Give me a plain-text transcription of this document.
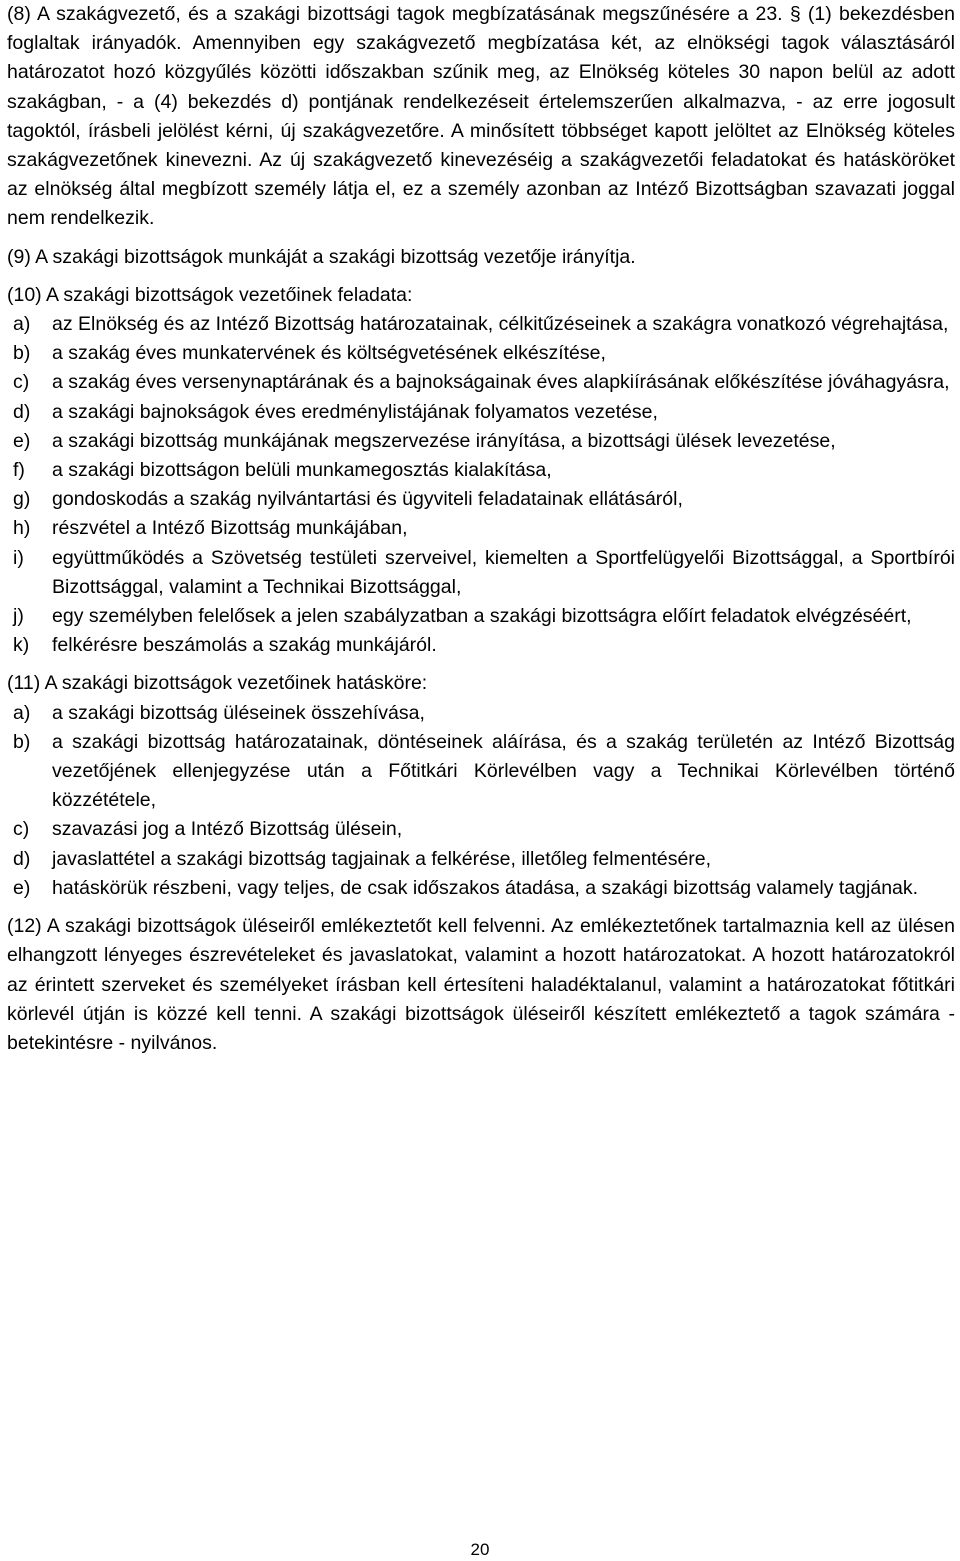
(8) A szakágvezető, és a szakági bizottsági tagok megbízatásának megszűnésére a 23. § (1) bekezdésben foglaltak irányadók. Amennyiben egy szakágvezető megbízatása két, az elnökségi tagok választásáról határozatot hozó közgyűlés közötti időszakban szűnik meg, az Elnökség köteles 30 napon belül az adott szakágban, - a (4) bekezdés d) pontjának rendelkezéseit értelemszerűen alkalmazva, - az erre jogosult tagoktól, írásbeli jelölést kérni, új szakágvezetőre. A minősített többséget kapott jelöltet az Elnökség köteles szakágvezetőnek kinevezni. Az új szakágvezető kinevezéséig a szakágvezetői feladatokat és hatásköröket az elnökség által megbízott személy látja el, ez a személy azonban az Intéző Bizottságban szavazati joggal nem rendelkezik.

(9) A szakági bizottságok munkáját a szakági bizottság vezetője irányítja.

(10) A szakági bizottságok vezetőinek feladata:

a) az Elnökség és az Intéző Bizottság határozatainak, célkitűzéseinek a szakágra vonatkozó végrehajtása,
b) a szakág éves munkatervének és költségvetésének elkészítése,
c) a szakág éves versenynaptárának és a bajnokságainak éves alapkiírásának előkészítése jóváhagyásra,
d) a szakági bajnokságok éves eredménylistájának folyamatos vezetése,
e) a szakági bizottság munkájának megszervezése irányítása, a bizottsági ülések levezetése,
f) a szakági bizottságon belüli munkamegosztás kialakítása,
g) gondoskodás a szakág nyilvántartási és ügyviteli feladatainak ellátásáról,
h) részvétel a Intéző Bizottság munkájában,
i) együttműködés a Szövetség testületi szerveivel, kiemelten a Sportfelügyelői Bizottsággal, a Sportbírói Bizottsággal, valamint a Technikai Bizottsággal,
j) egy személyben felelősek a jelen szabályzatban a szakági bizottságra előírt feladatok elvégzéséért,
k) felkérésre beszámolás a szakág munkájáról.

(11) A szakági bizottságok vezetőinek hatásköre:

a) a szakági bizottság üléseinek összehívása,
b) a szakági bizottság határozatainak, döntéseinek aláírása, és a szakág területén az Intéző Bizottság vezetőjének ellenjegyzése után a Főtitkári Körlevélben vagy a Technikai Körlevélben történő közzététele,
c) szavazási jog a Intéző Bizottság ülésein,
d) javaslattétel a szakági bizottság tagjainak a felkérése, illetőleg felmentésére,
e) hatáskörük részbeni, vagy teljes, de csak időszakos átadása, a szakági bizottság valamely tagjának.

(12) A szakági bizottságok üléseiről emlékeztetőt kell felvenni. Az emlékeztetőnek tartalmaznia kell az ülésen elhangzott lényeges észrevételeket és javaslatokat, valamint a hozott határozatokat. A hozott határozatokról az érintett szerveket és személyeket írásban kell értesíteni haladéktalanul, valamint a határozatokat főtitkári körlevél útján is közzé kell tenni. A szakági bizottságok üléseiről készített emlékeztető a tagok számára - betekintésre - nyilvános.

20
